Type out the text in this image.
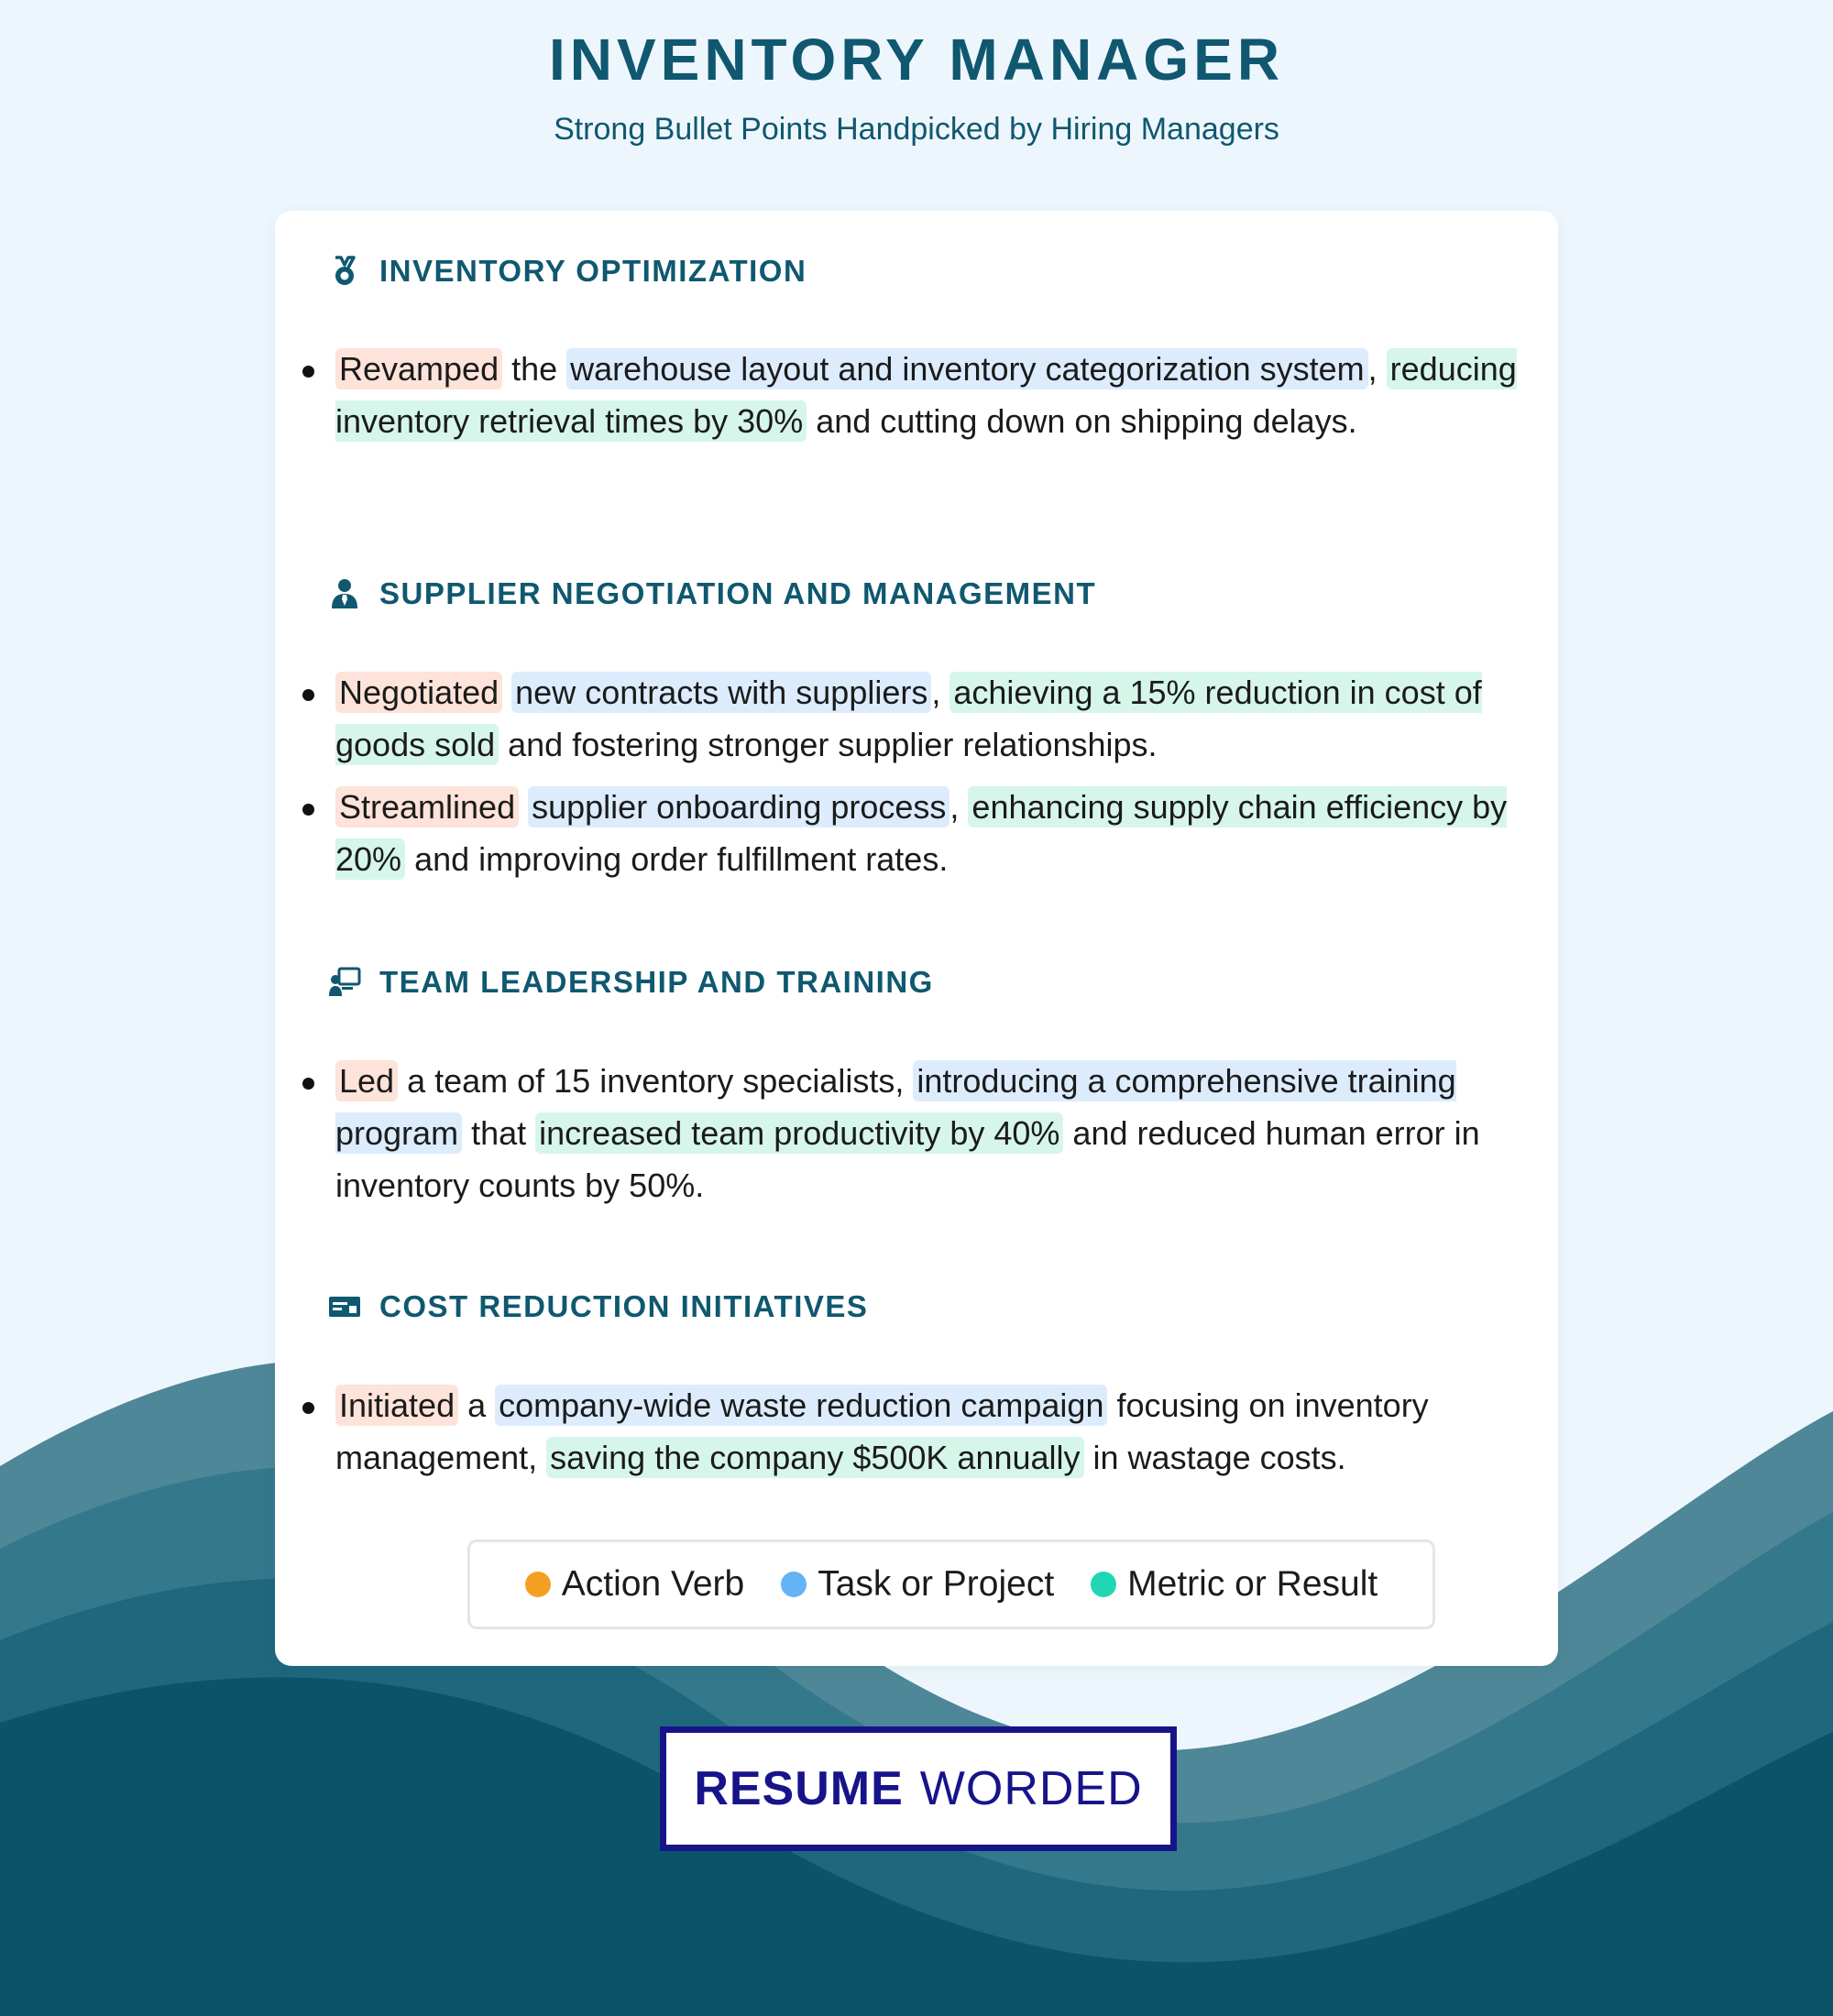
INVENTORY MANAGER
Strong Bullet Points Handpicked by Hiring Managers
INVENTORY OPTIMIZATION
Revamped the warehouse layout and inventory categorization system , reducing inventory retrieval times by 30% and cutting down on shipping delays.
SUPPLIER NEGOTIATION AND MANAGEMENT
Negotiated new contracts with suppliers , achieving a 15% reduction in cost of goods sold and fostering stronger supplier relationships.
Streamlined supplier onboarding process , enhancing supply chain efficiency by 20% and improving order fulfillment rates.
TEAM LEADERSHIP AND TRAINING
Led a team of 15 inventory specialists, introducing a comprehensive training program that increased team productivity by 40% and reduced human error in inventory counts by 50%.
COST REDUCTION INITIATIVES
Initiated a company-wide waste reduction campaign focusing on inventory management, saving the company $500K annually in wastage costs.
Action Verb Task or Project Metric or Result
RESUME WORDED
